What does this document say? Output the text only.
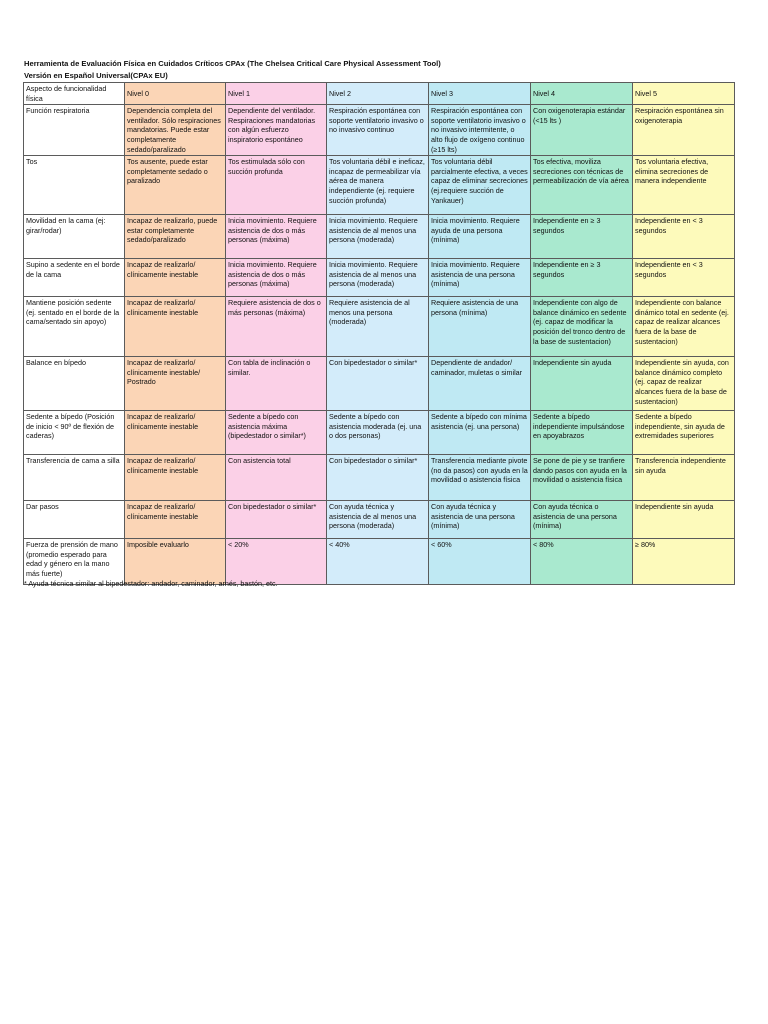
Herramienta de Evaluación Física en Cuidados Críticos CPAx (The Chelsea Critical Care Physical Assessment Tool)
Versión en Español Universal(CPAx EU)
Aspecto de funcionalidad física	Nivel 0	Nivel 1	Nivel 2	Nivel 3	Nivel 4	Nivel 5
Función respiratoria	Dependencia completa del ventilador. Sólo respiraciones mandatorias. Puede estar completamente sedado/paralizado	Dependiente del ventilador. Respiraciones mandatorias con algún esfuerzo inspiratorio espontáneo	Respiración espontánea con soporte ventilatorio invasivo o no invasivo continuo	Respiración espontánea con soporte ventilatorio invasivo o no invasivo intermitente, o alto flujo de oxígeno continuo (≥15 lts)	Con oxigenoterapia estándar (<15 lts )	Respiración espontánea sin oxigenoterapia
Tos	Tos ausente, puede estar completamente sedado o paralizado	Tos estimulada sólo con succión profunda	Tos voluntaria débil e ineficaz, incapaz de permeabilizar vía aérea de manera independiente (ej. requiere succión profunda)	Tos voluntaria débil parcialmente efectiva, a veces capaz de eliminar secreciones (ej.requiere succión de Yankauer)	Tos efectiva, moviliza secreciones con técnicas de permeabilización de vía aérea	Tos voluntaria efectiva, elimina secreciones de manera independiente
Movilidad en la cama (ej: girar/rodar)	Incapaz de realizarlo, puede estar completamente sedado/paralizado	Inicia movimiento. Requiere asistencia de dos o más personas (máxima)	Inicia movimiento. Requiere asistencia de al menos una persona (moderada)	Inicia movimiento. Requiere ayuda de una persona (mínima)	Independiente en ≥ 3 segundos	Independiente en < 3 segundos
Supino a sedente en el borde de la cama	Incapaz de realizarlo/ clínicamente inestable	Inicia movimiento. Requiere asistencia de dos o más personas (máxima)	Inicia movimiento. Requiere asistencia de al menos una persona (moderada)	Inicia movimiento. Requiere asistencia de una persona (mínima)	Independiente en ≥ 3 segundos	Independiente en < 3 segundos
Mantiene posición sedente (ej. sentado en el borde de la cama/sentado sin apoyo)	Incapaz de realizarlo/ clínicamente inestable	Requiere asistencia de dos o más personas (máxima)	Requiere asistencia de al menos una persona (moderada)	Requiere asistencia de una persona (mínima)	Independiente con algo de balance dinámico en sedente (ej. capaz de modificar la posición del tronco dentro de la base de sustentacion)	Independiente con balance dinámico total en sedente (ej. capaz de realizar alcances fuera de la base de sustentacion)
Balance en bípedo	Incapaz de realizarlo/ clínicamente inestable/ Postrado	Con tabla de inclinación o similar.	Con bipedestador o similar*	Dependiente de andador/ caminador, muletas o similar	Independiente sin ayuda	Independiente sin ayuda, con balance dinámico completo (ej. capaz de realizar alcances fuera de la base de sustentacion)
Sedente a bípedo (Posición de inicio < 90º de flexión de caderas)	Incapaz de realizarlo/ clínicamente inestable	Sedente a bípedo con asistencia máxima (bipedestador o similar*)	Sedente a bípedo con asistencia moderada (ej. una o dos personas)	Sedente a bípedo con mínima asistencia (ej. una persona)	Sedente a bípedo independiente impulsándose en apoyabrazos	Sedente a bípedo independiente, sin ayuda de extremidades superiores
Transferencia de cama a silla	Incapaz de realizarlo/ clínicamente inestable	Con asistencia total	Con bipedestador o similar*	Transferencia mediante pivote (no da pasos) con ayuda en la movilidad o asistencia física	Se pone de pie y se tranfiere dando pasos con ayuda en la movilidad o asistencia física	Transferencia independiente sin ayuda
Dar pasos	Incapaz de realizarlo/ clínicamente inestable	Con bipedestador o similar*	Con ayuda técnica y asistencia de al menos una persona (moderada)	Con ayuda técnica y asistencia de una persona (mínima)	Con ayuda técnica o asistencia de una persona (mínima)	Independiente sin ayuda
Fuerza de prensión de mano (promedio esperado para edad y género en la mano más fuerte)	Imposible evaluarlo	< 20%	< 40%	< 60%	< 80%	≥ 80%
* Ayuda técnica similar al bipedestador: andador, caminador, arnés, bastón, etc.
